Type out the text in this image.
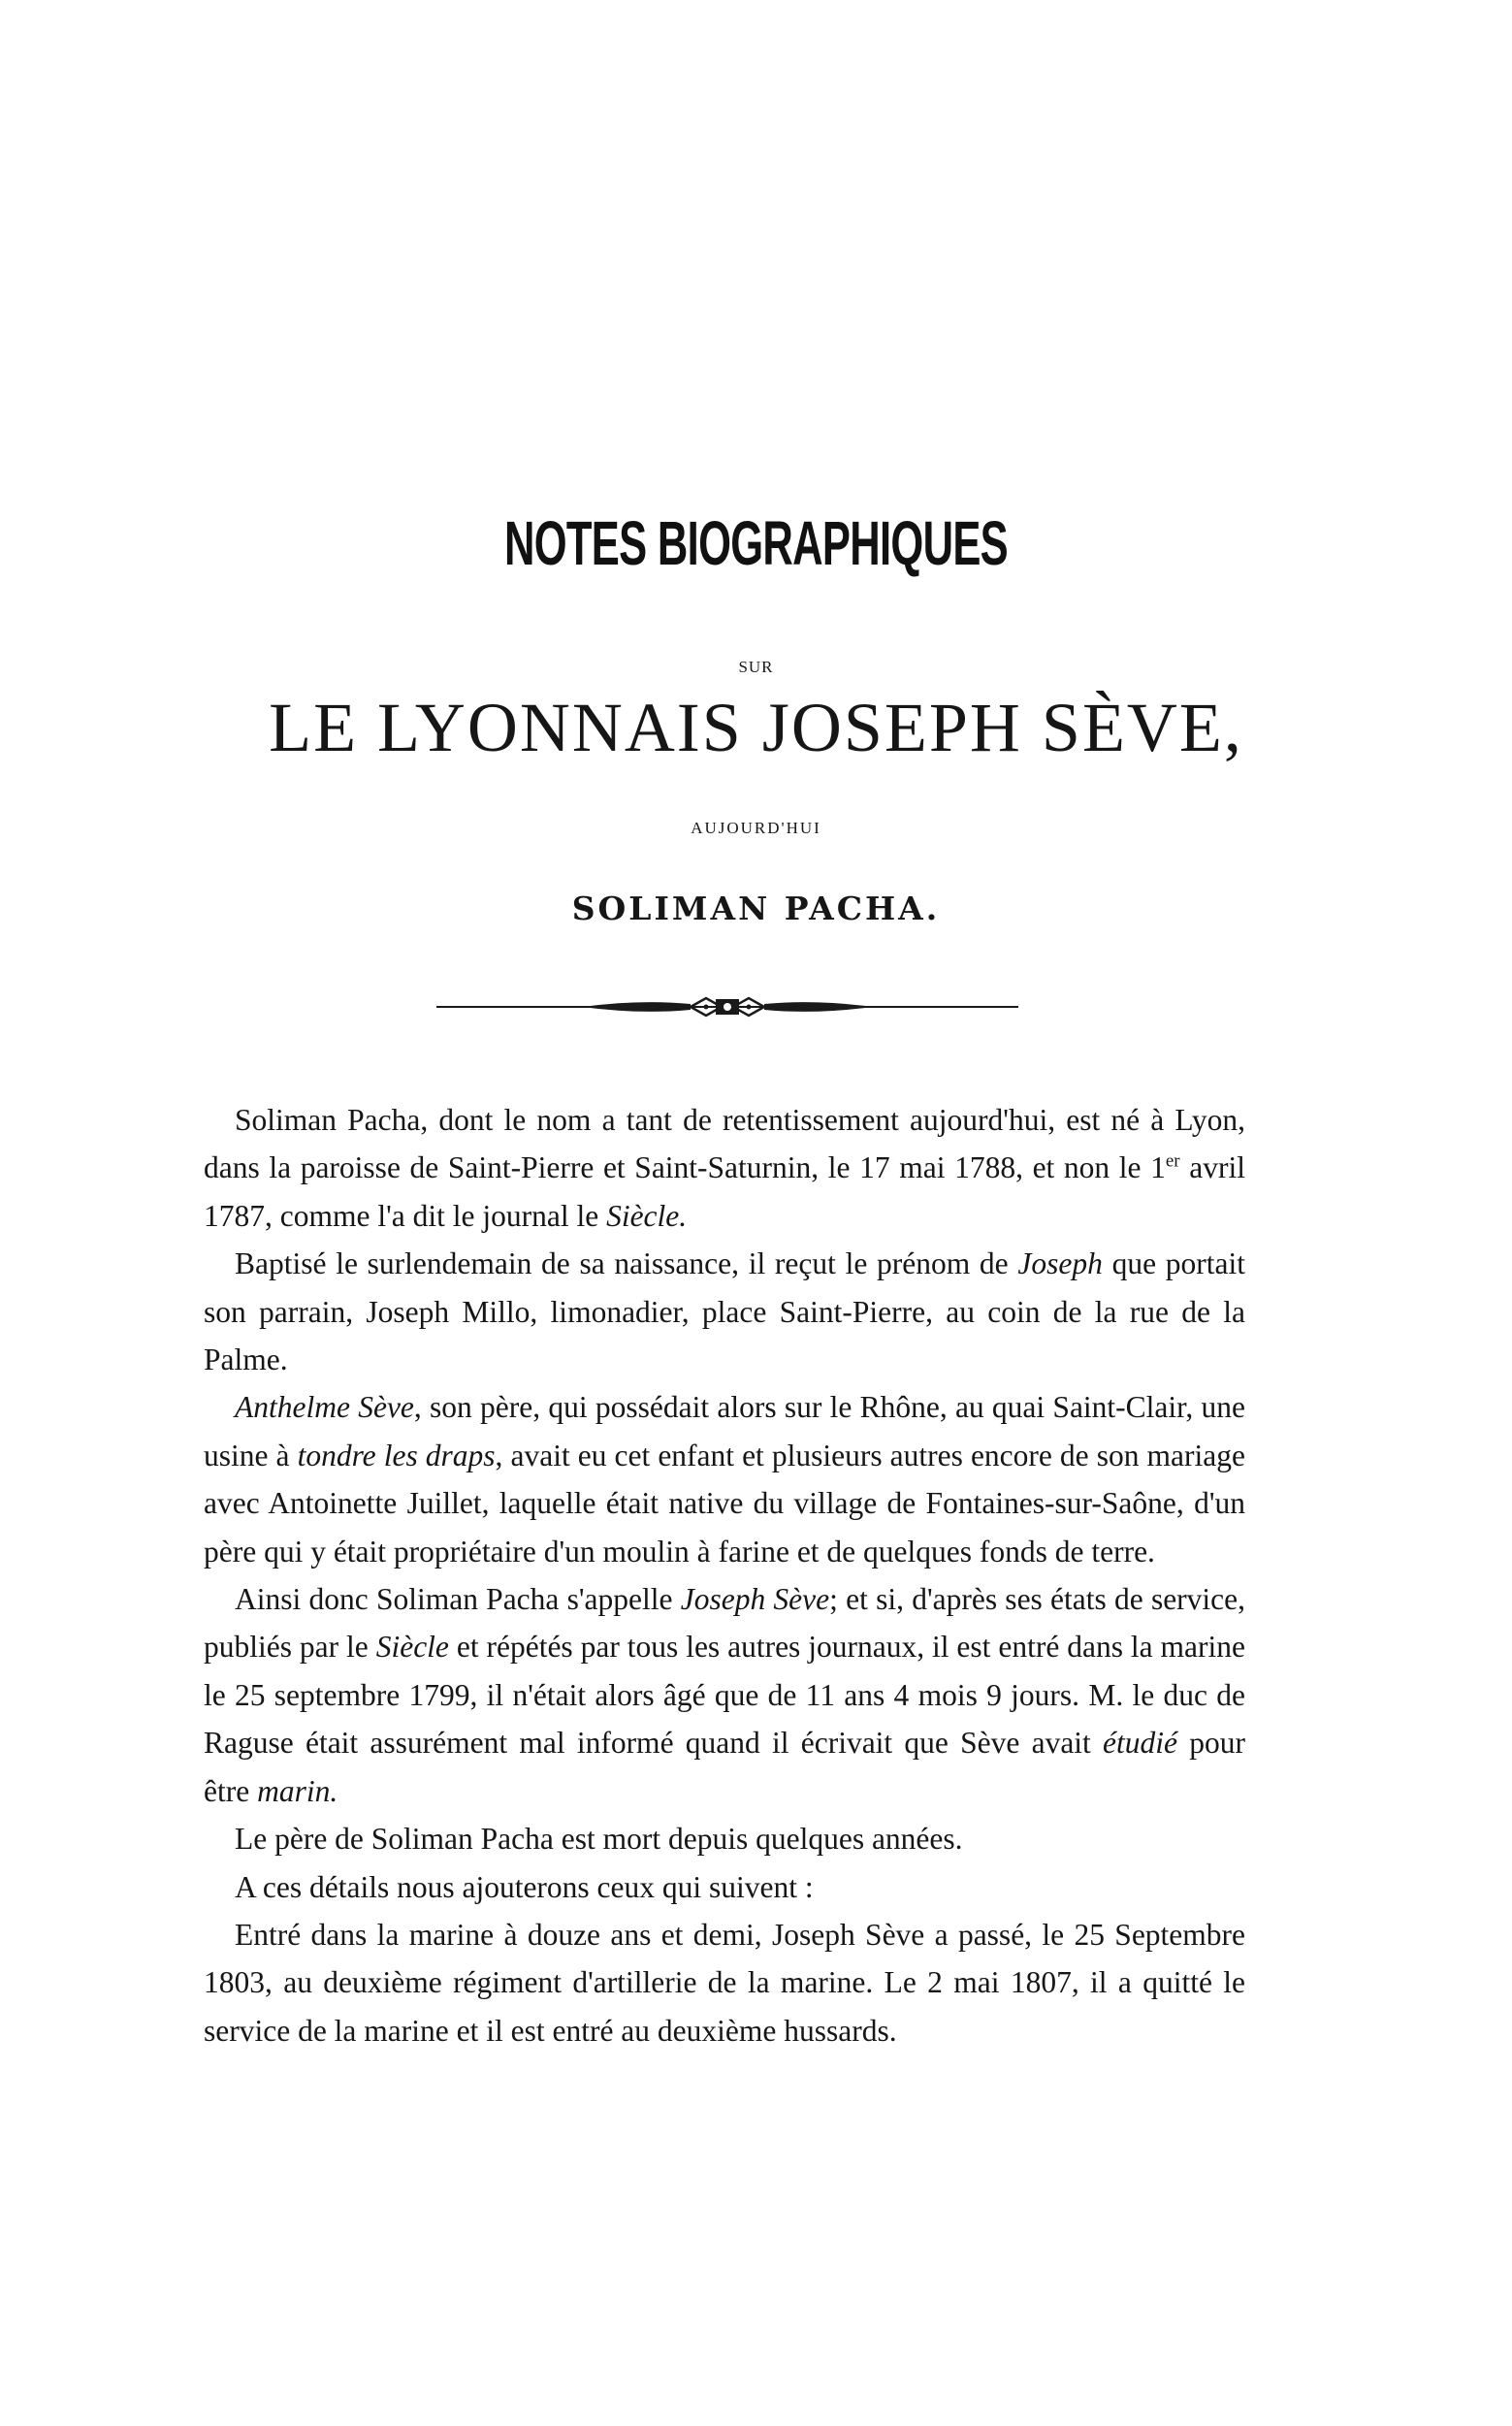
NOTES BIOGRAPHIQUES
SUR
LE LYONNAIS JOSEPH SÈVE,
AUJOURD'HUI
SOLIMAN PACHA.

Soliman Pacha, dont le nom a tant de retentissement aujourd'hui, est né à Lyon, dans la paroisse de Saint-Pierre et Saint-Saturnin, le 17 mai 1788, et non le 1er avril 1787, comme l'a dit le journal le Siècle.

Baptisé le surlendemain de sa naissance, il reçut le prénom de Joseph que portait son parrain, Joseph Millo, limonadier, place Saint-Pierre, au coin de la rue de la Palme.

Anthelme Sève, son père, qui possédait alors sur le Rhône, au quai Saint-Clair, une usine à tondre les draps, avait eu cet enfant et plusieurs autres encore de son mariage avec Antoinette Juillet, laquelle était native du village de Fontaines-sur-Saône, d'un père qui y était propriétaire d'un moulin à farine et de quelques fonds de terre.

Ainsi donc Soliman Pacha s'appelle Joseph Sève; et si, d'après ses états de service, publiés par le Siècle et répétés par tous les autres journaux, il est entré dans la marine le 25 septembre 1799, il n'était alors âgé que de 11 ans 4 mois 9 jours. M. le duc de Raguse était assurément mal informé quand il écrivait que Sève avait étudié pour être marin.

Le père de Soliman Pacha est mort depuis quelques années.

A ces détails nous ajouterons ceux qui suivent :

Entré dans la marine à douze ans et demi, Joseph Sève a passé, le 25 Septembre 1803, au deuxième régiment d'artillerie de la marine. Le 2 mai 1807, il a quitté le service de la marine et il est entré au deuxième hussards.
